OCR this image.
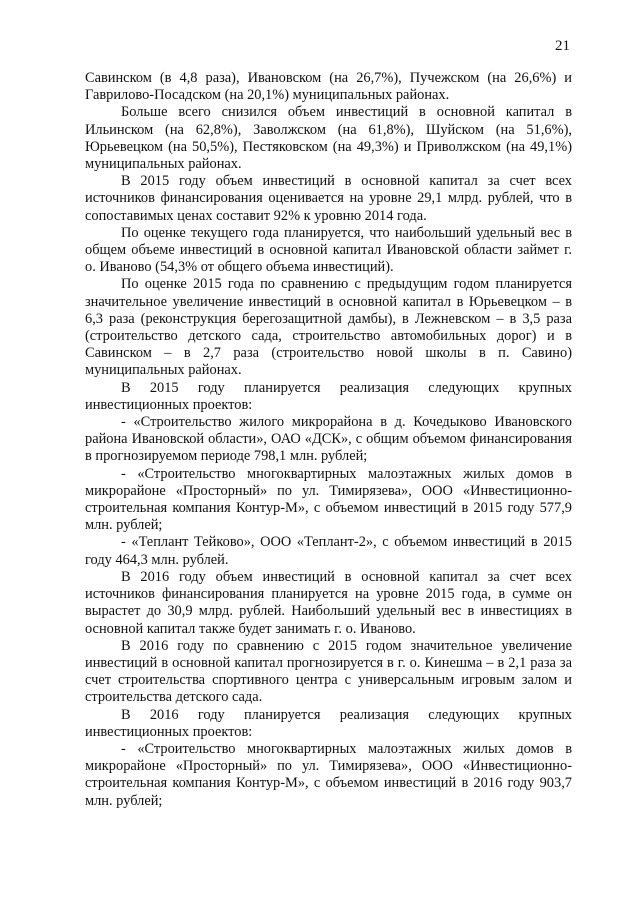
21

Савинском (в 4,8 раза), Ивановском (на 26,7%), Пучежском (на 26,6%) и Гаврилово-Посадском (на 20,1%) муниципальных районах.

Больше всего снизился объем инвестиций в основной капитал в Ильинском (на 62,8%), Заволжском (на 61,8%), Шуйском (на 51,6%), Юрьевецком (на 50,5%), Пестяковском (на 49,3%) и Приволжском (на 49,1%) муниципальных районах.

В 2015 году объем инвестиций в основной капитал за счет всех источников финансирования оценивается на уровне 29,1 млрд. рублей, что в сопоставимых ценах составит 92% к уровню 2014 года.

По оценке текущего года планируется, что наибольший удельный вес в общем объеме инвестиций в основной капитал Ивановской области займет г. о. Иваново (54,3% от общего объема инвестиций).

По оценке 2015 года по сравнению с предыдущим годом планируется значительное увеличение инвестиций в основной капитал в Юрьевецком – в 6,3 раза (реконструкция берегозащитной дамбы), в Лежневском – в 3,5 раза (строительство детского сада, строительство автомобильных дорог) и в Савинском – в 2,7 раза (строительство новой школы в п. Савино) муниципальных районах.

В 2015 году планируется реализация следующих крупных инвестиционных проектов:

- «Строительство жилого микрорайона в д. Кочедыково Ивановского района Ивановской области», ОАО «ДСК», с общим объемом финансирования в прогнозируемом периоде 798,1 млн. рублей;

- «Строительство многоквартирных малоэтажных жилых домов в микрорайоне «Просторный» по ул. Тимирязева», ООО «Инвестиционно-строительная компания Контур-М», с объемом инвестиций в 2015 году 577,9 млн. рублей;

- «Теплант Тейково», ООО «Теплант-2», с объемом инвестиций в 2015 году 464,3 млн. рублей.

В 2016 году объем инвестиций в основной капитал за счет всех источников финансирования планируется на уровне 2015 года, в сумме он вырастет до 30,9 млрд. рублей. Наибольший удельный вес в инвестициях в основной капитал также будет занимать г. о. Иваново.

В 2016 году по сравнению с 2015 годом значительное увеличение инвестиций в основной капитал прогнозируется в г. о. Кинешма – в 2,1 раза за счет строительства спортивного центра с универсальным игровым залом и строительства детского сада.

В 2016 году планируется реализация следующих крупных инвестиционных проектов:

- «Строительство многоквартирных малоэтажных жилых домов в микрорайоне «Просторный» по ул. Тимирязева», ООО «Инвестиционно-строительная компания Контур-М», с объемом инвестиций в 2016 году 903,7 млн. рублей;
